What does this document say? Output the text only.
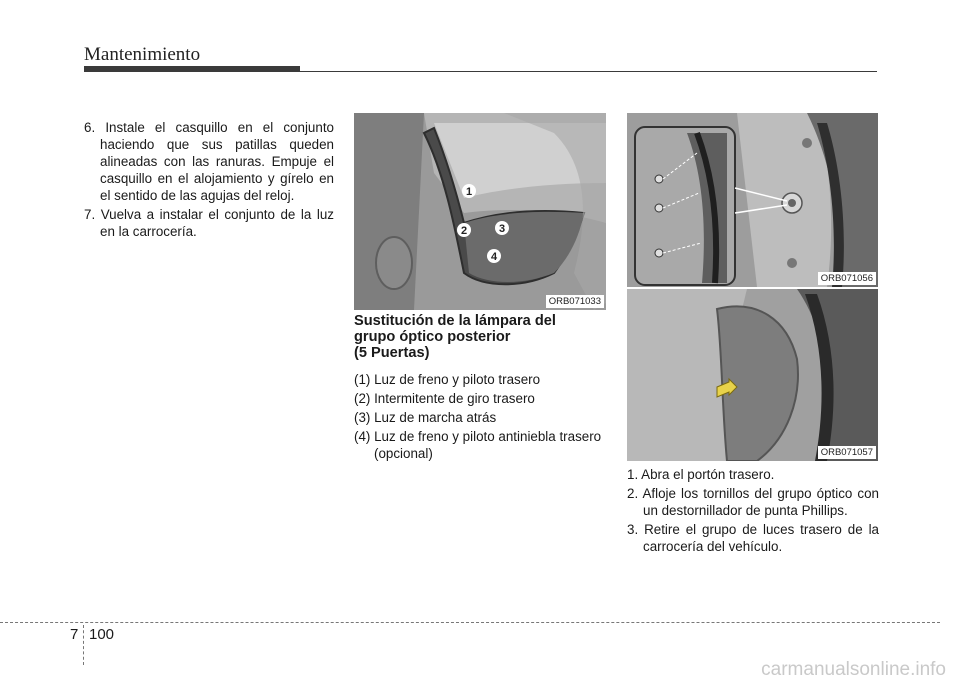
Mantenimiento

6. Instale el casquillo en el conjunto haciendo que sus patillas queden alineadas con las ranuras. Empuje el casquillo en el alojamiento y gírelo en el sentido de las agujas del reloj.

7. Vuelva a instalar el conjunto de la luz en la carrocería.

1
2	3
4
ORB071033
ORB071056
ORB071057
Sustitución de la lámpara del
grupo óptico posterior
(5 Puertas)

(1) Luz de freno y piloto trasero

(2) Intermitente de giro trasero

(3) Luz de marcha atrás

(4) Luz de freno y piloto antiniebla trasero (opcional)

1. Abra el portón trasero.

2. Afloje los tornillos del grupo óptico con un destornillador de punta Phillips.

3. Retire el grupo de luces trasero de la carrocería del vehículo.

7 100
carmanualsonline.info
